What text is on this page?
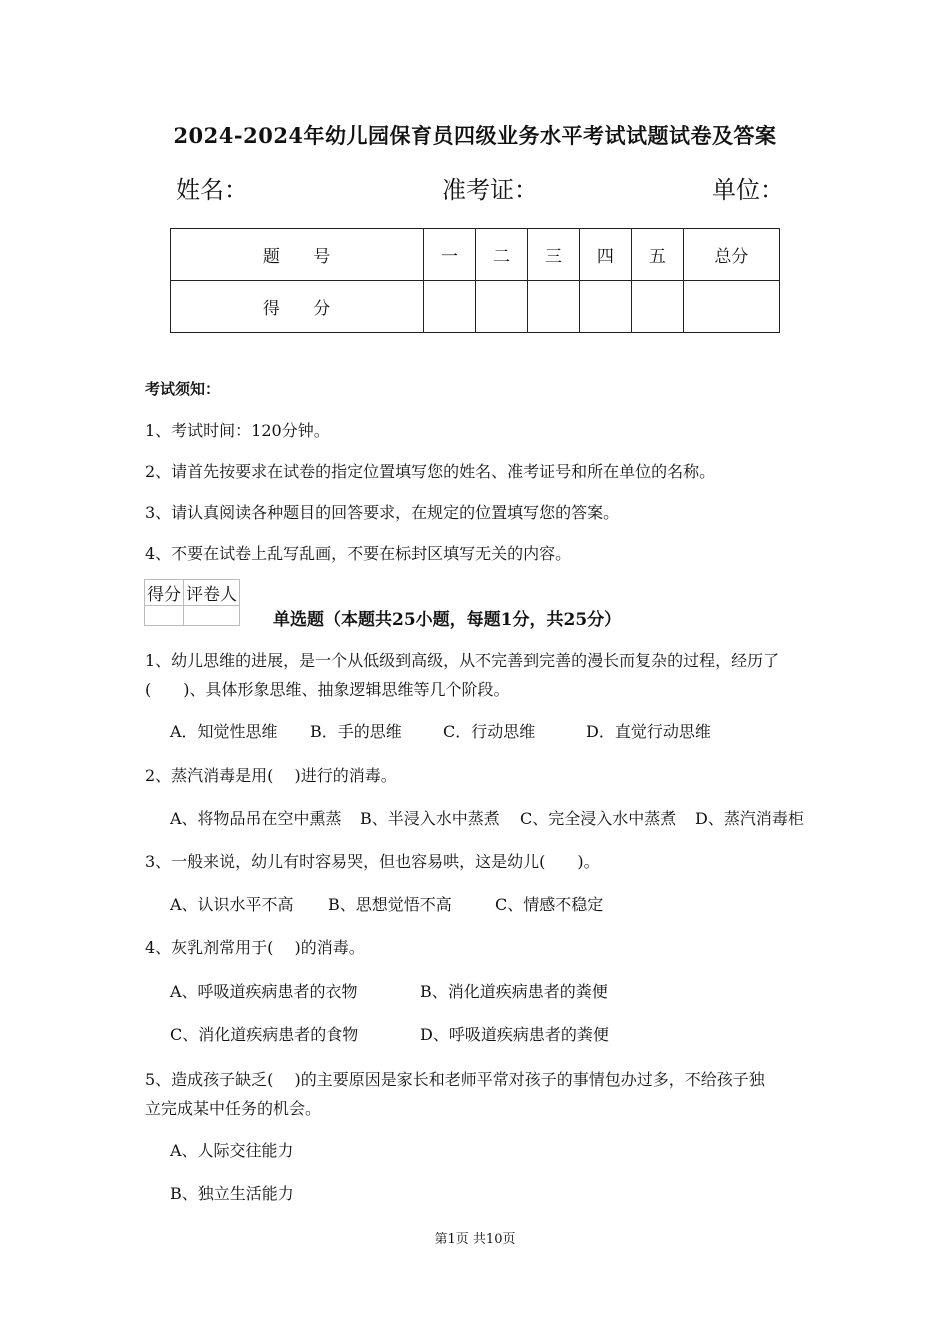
2024-2024年幼儿园保育员四级业务水平考试试题试卷及答案
姓名：	准考证：	单位：
题 号	一	二	三	四	五	总分
得 分						
考试须知：
1、考试时间：120分钟。
2、请首先按要求在试卷的指定位置填写您的姓名、准考证号和所在单位的名称。
3、请认真阅读各种题目的回答要求，在规定的位置填写您的答案。
4、不要在试卷上乱写乱画，不要在标封区填写无关的内容。
得分	评卷人

单选题（本题共25小题，每题1分，共25分）
1、幼儿思维的进展，是一个从低级到高级，从不完善到完善的漫长而复杂的过程，经历了
(　　)、具体形象思维、抽象逻辑思维等几个阶段。
A．知觉性思维 B．手的思维	C．行动思维	D．直觉行动思维
2、蒸汽消毒是用(　 )进行的消毒。
A、将物品吊在空中熏蒸 B、半浸入水中蒸煮 C、完全浸入水中蒸煮 D、蒸汽消毒柜
3、一般来说，幼儿有时容易哭，但也容易哄，这是幼儿(　　)。
A、认识水平不高 B、思想觉悟不高	C、情感不稳定
4、灰乳剂常用于(　 )的消毒。
A、呼吸道疾病患者的衣物	B、消化道疾病患者的粪便
C、消化道疾病患者的食物	D、呼吸道疾病患者的粪便
5、造成孩子缺乏(　 )的主要原因是家长和老师平常对孩子的事情包办过多，不给孩子独
立完成某中任务的机会。
A、人际交往能力
B、独立生活能力
第1页 共10页
